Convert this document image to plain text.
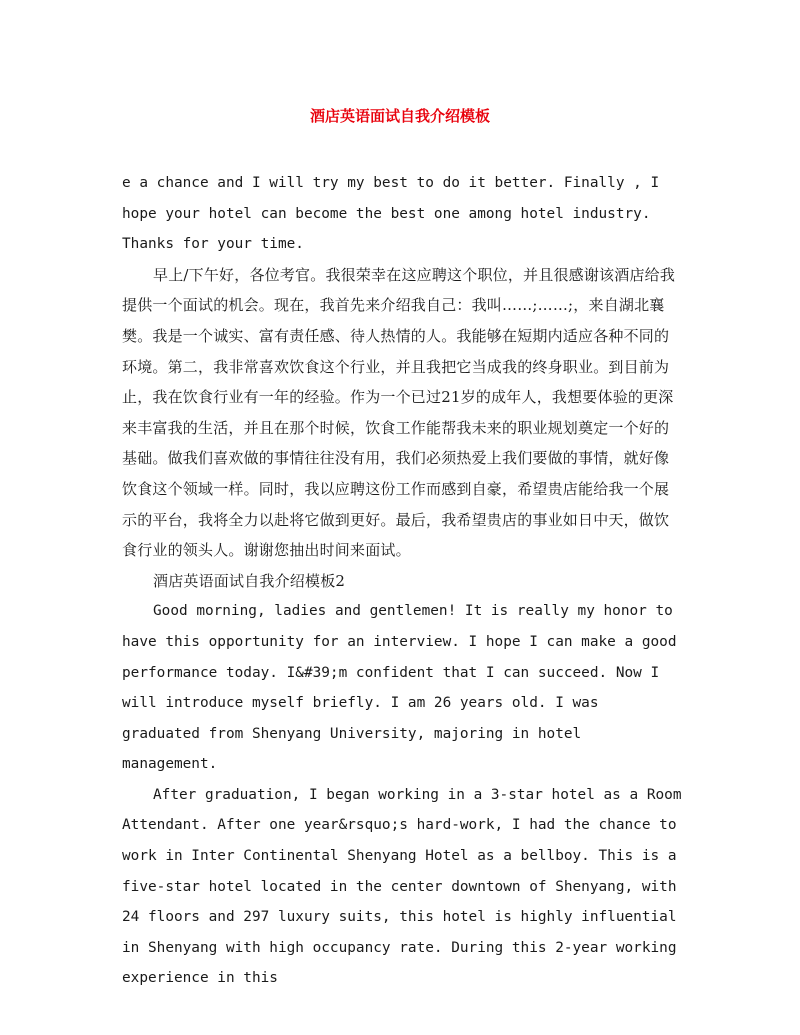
酒店英语面试自我介绍模板

e a chance and I will try my best to do it better. Finally , I hope your hotel can become the best one among hotel industry. Thanks for your time.

早上/下午好，各位考官。我很荣幸在这应聘这个职位，并且很感谢该酒店给我提供一个面试的机会。现在，我首先来介绍我自己：我叫……;……;，来自湖北襄樊。我是一个诚实、富有责任感、待人热情的人。我能够在短期内适应各种不同的环境。第二，我非常喜欢饮食这个行业，并且我把它当成我的终身职业。到目前为止，我在饮食行业有一年的经验。作为一个已过21岁的成年人，我想要体验的更深来丰富我的生活，并且在那个时候，饮食工作能帮我未来的职业规划奠定一个好的基础。做我们喜欢做的事情往往没有用，我们必须热爱上我们要做的事情，就好像饮食这个领域一样。同时，我以应聘这份工作而感到自豪，希望贵店能给我一个展示的平台，我将全力以赴将它做到更好。最后，我希望贵店的事业如日中天，做饮食行业的领头人。谢谢您抽出时间来面试。

酒店英语面试自我介绍模板2

Good morning, ladies and gentlemen! It is really my honor to have this opportunity for an interview. I hope I can make a good performance today. I&#39;m confident that I can succeed. Now I will introduce myself briefly. I am 26 years old. I was graduated from Shenyang University, majoring in hotel management.

After graduation, I began working in a 3-star hotel as a Room Attendant. After one year&rsquo;s hard-work, I had the chance to work in Inter Continental Shenyang Hotel as a bellboy. This is a five-star hotel located in the center downtown of Shenyang, with 24 floors and 297 luxury suits, this hotel is highly influential in Shenyang with high occupancy rate. During this 2-year working experience in this
